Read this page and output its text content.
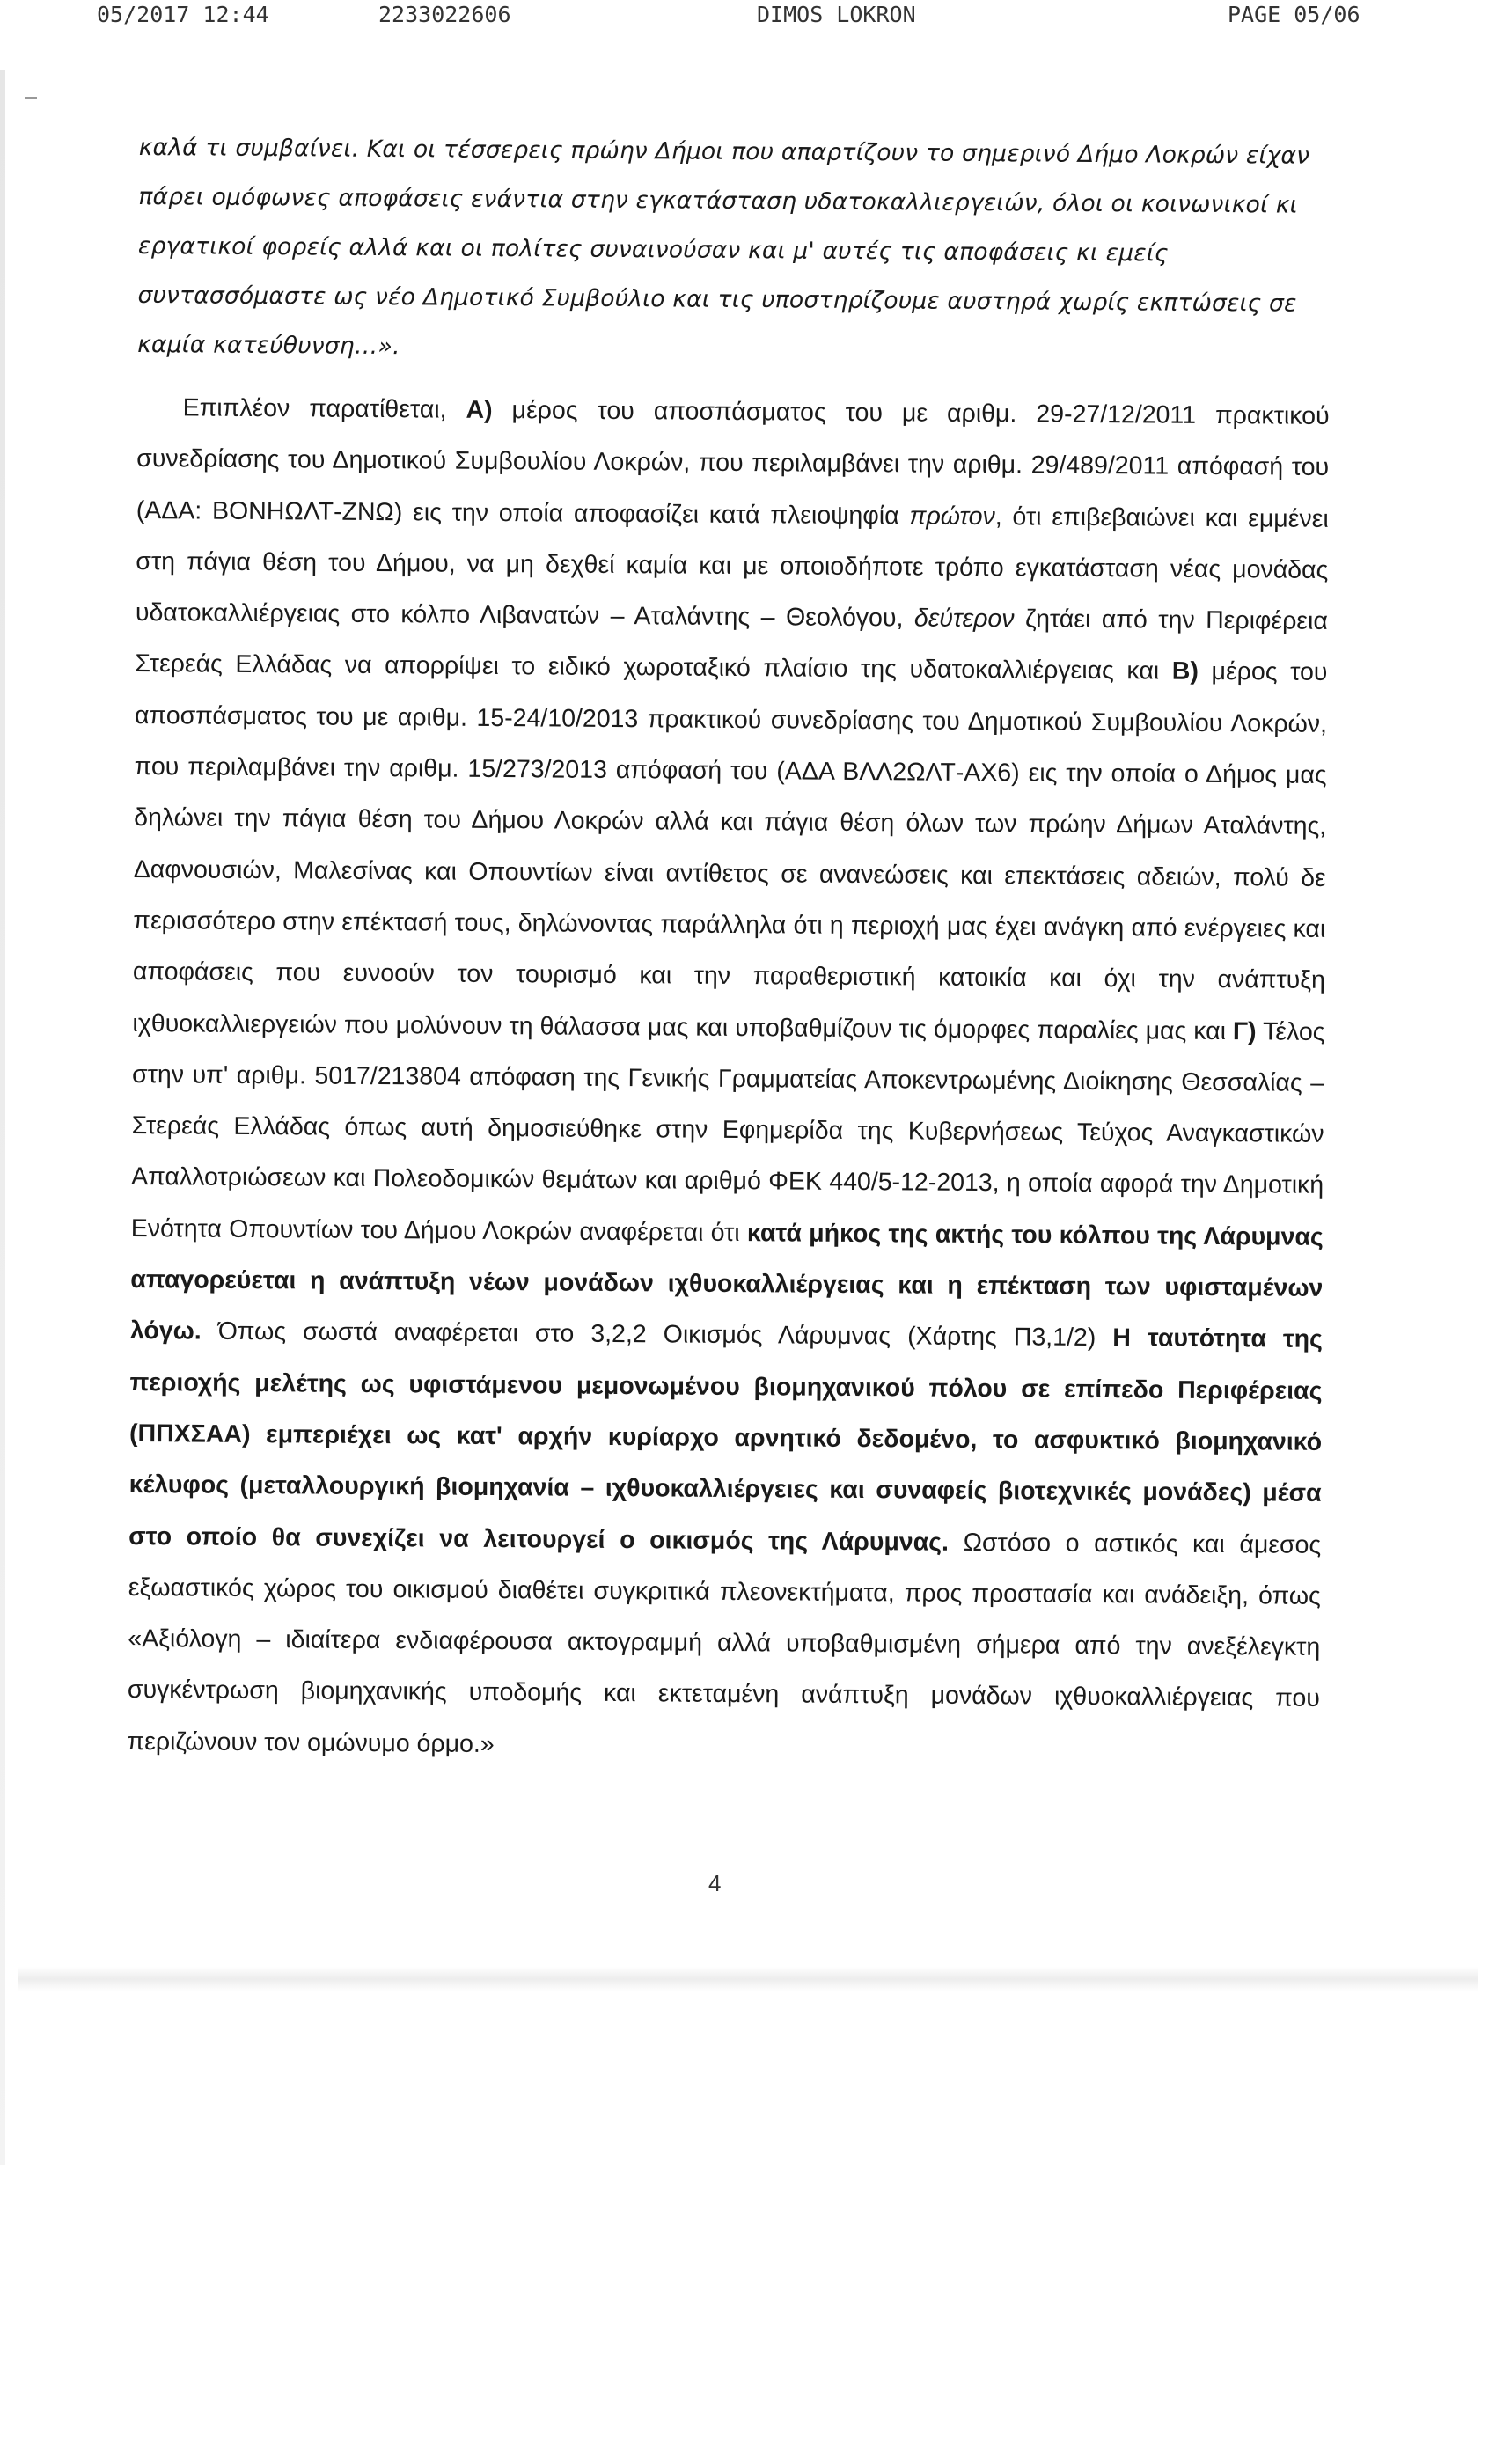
05/2017 12:44	2233022606	DIMOS LOKRON	PAGE 05/06
καλά τι συμβαίνει. Και οι τέσσερεις πρώην Δήμοι που απαρτίζουν το σημερινό Δήμο Λοκρών είχαν
πάρει ομόφωνες αποφάσεις ενάντια στην εγκατάσταση υδατοκαλλιεργειών, όλοι οι κοινωνικοί κι
εργατικοί φορείς αλλά και οι πολίτες συναινούσαν και μ' αυτές τις αποφάσεις κι εμείς
συντασσόμαστε ως νέο Δημοτικό Συμβούλιο και τις υποστηρίζουμε αυστηρά χωρίς εκπτώσεις σε
καμία κατεύθυνση…».

Επιπλέον παρατίθεται, Α) μέρος του αποσπάσματος του με αριθμ. 29-27/12/2011 πρακτικού συνεδρίασης του Δημοτικού Συμβουλίου Λοκρών, που περιλαμβάνει την αριθμ. 29/489/2011 απόφασή του (ΑΔΑ: ΒΟΝΗΩΛΤ-ΖΝΩ) εις την οποία αποφασίζει κατά πλειοψηφία πρώτον, ότι επιβεβαιώνει και εμμένει στη πάγια θέση του Δήμου, να μη δεχθεί καμία και με οποιοδήποτε τρόπο εγκατάσταση νέας μονάδας υδατοκαλλιέργειας στο κόλπο Λιβανατών – Αταλάντης – Θεολόγου, δεύτερον ζητάει από την Περιφέρεια Στερεάς Ελλάδας να απορρίψει το ειδικό χωροταξικό πλαίσιο της υδατοκαλλιέργειας και Β) μέρος του αποσπάσματος του με αριθμ. 15-24/10/2013 πρακτικού συνεδρίασης του Δημοτικού Συμβουλίου Λοκρών, που περιλαμβάνει την αριθμ. 15/273/2013 απόφασή του (ΑΔΑ ΒΛΛ2ΩΛΤ-ΑΧ6) εις την οποία ο Δήμος μας δηλώνει την πάγια θέση του Δήμου Λοκρών αλλά και πάγια θέση όλων των πρώην Δήμων Αταλάντης, Δαφνουσιών, Μαλεσίνας και Οπουντίων είναι αντίθετος σε ανανεώσεις και επεκτάσεις αδειών, πολύ δε περισσότερο στην επέκτασή τους, δηλώνοντας παράλληλα ότι η περιοχή μας έχει ανάγκη από ενέργειες και αποφάσεις που ευνοούν τον τουρισμό και την παραθεριστική κατοικία και όχι την ανάπτυξη ιχθυοκαλλιεργειών που μολύνουν τη θάλασσα μας και υποβαθμίζουν τις όμορφες παραλίες μας και Γ) Τέλος στην υπ' αριθμ. 5017/213804 απόφαση της Γενικής Γραμματείας Αποκεντρωμένης Διοίκησης Θεσσαλίας – Στερεάς Ελλάδας όπως αυτή δημοσιεύθηκε στην Εφημερίδα της Κυβερνήσεως Τεύχος Αναγκαστικών Απαλλοτριώσεων και Πολεοδομικών θεμάτων και αριθμό ΦΕΚ 440/5-12-2013, η οποία αφορά την Δημοτική Ενότητα Οπουντίων του Δήμου Λοκρών αναφέρεται ότι κατά μήκος της ακτής του κόλπου της Λάρυμνας απαγορεύεται η ανάπτυξη νέων μονάδων ιχθυοκαλλιέργειας και η επέκταση των υφισταμένων λόγω. Όπως σωστά αναφέρεται στο 3,2,2 Οικισμός Λάρυμνας (Χάρτης Π3,1/2) Η ταυτότητα της περιοχής μελέτης ως υφιστάμενου μεμονωμένου βιομηχανικού πόλου σε επίπεδο Περιφέρειας (ΠΠΧΣΑΑ) εμπεριέχει ως κατ' αρχήν κυρίαρχο αρνητικό δεδομένο, το ασφυκτικό βιομηχανικό κέλυφος (μεταλλουργική βιομηχανία – ιχθυοκαλλιέργειες και συναφείς βιοτεχνικές μονάδες) μέσα στο οποίο θα συνεχίζει να λειτουργεί ο οικισμός της Λάρυμνας. Ωστόσο ο αστικός και άμεσος εξωαστικός χώρος του οικισμού διαθέτει συγκριτικά πλεονεκτήματα, προς προστασία και ανάδειξη, όπως «Αξιόλογη – ιδιαίτερα ενδιαφέρουσα ακτογραμμή αλλά υποβαθμισμένη σήμερα από την ανεξέλεγκτη συγκέντρωση βιομηχανικής υποδομής και εκτεταμένη ανάπτυξη μονάδων ιχθυοκαλλιέργειας που περιζώνουν τον ομώνυμο όρμο.»

4
